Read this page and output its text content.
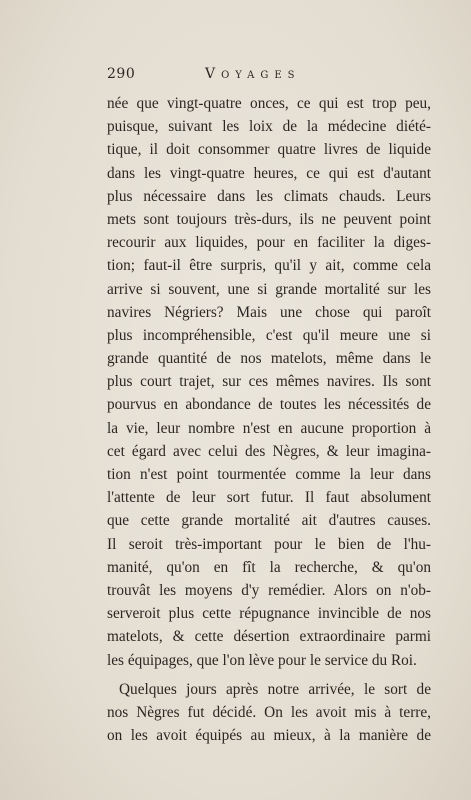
290	Voyages
née que vingt-quatre onces, ce qui est trop peu,
puisque, suivant les loix de la médecine diété-
tique, il doit consommer quatre livres de liquide
dans les vingt-quatre heures, ce qui est d'autant
plus nécessaire dans les climats chauds. Leurs
mets sont toujours très-durs, ils ne peuvent point
recourir aux liquides, pour en faciliter la diges-
tion; faut-il être surpris, qu'il y ait, comme cela
arrive si souvent, une si grande mortalité sur les
navires Négriers? Mais une chose qui paroît
plus incompréhensible, c'est qu'il meure une si
grande quantité de nos matelots, même dans le
plus court trajet, sur ces mêmes navires. Ils sont
pourvus en abondance de toutes les nécessités de
la vie, leur nombre n'est en aucune proportion à
cet égard avec celui des Nègres, & leur imagina-
tion n'est point tourmentée comme la leur dans
l'attente de leur sort futur. Il faut absolument
que cette grande mortalité ait d'autres causes.
Il seroit très-important pour le bien de l'hu-
manité, qu'on en fît la recherche, & qu'on
trouvât les moyens d'y remédier. Alors on n'ob-
serveroit plus cette répugnance invincible de nos
matelots, & cette désertion extraordinaire parmi
les équipages, que l'on lève pour le service du Roi.
Quelques jours après notre arrivée, le sort de
nos Nègres fut décidé. On les avoit mis à terre,
on les avoit équipés au mieux, à la manière de
